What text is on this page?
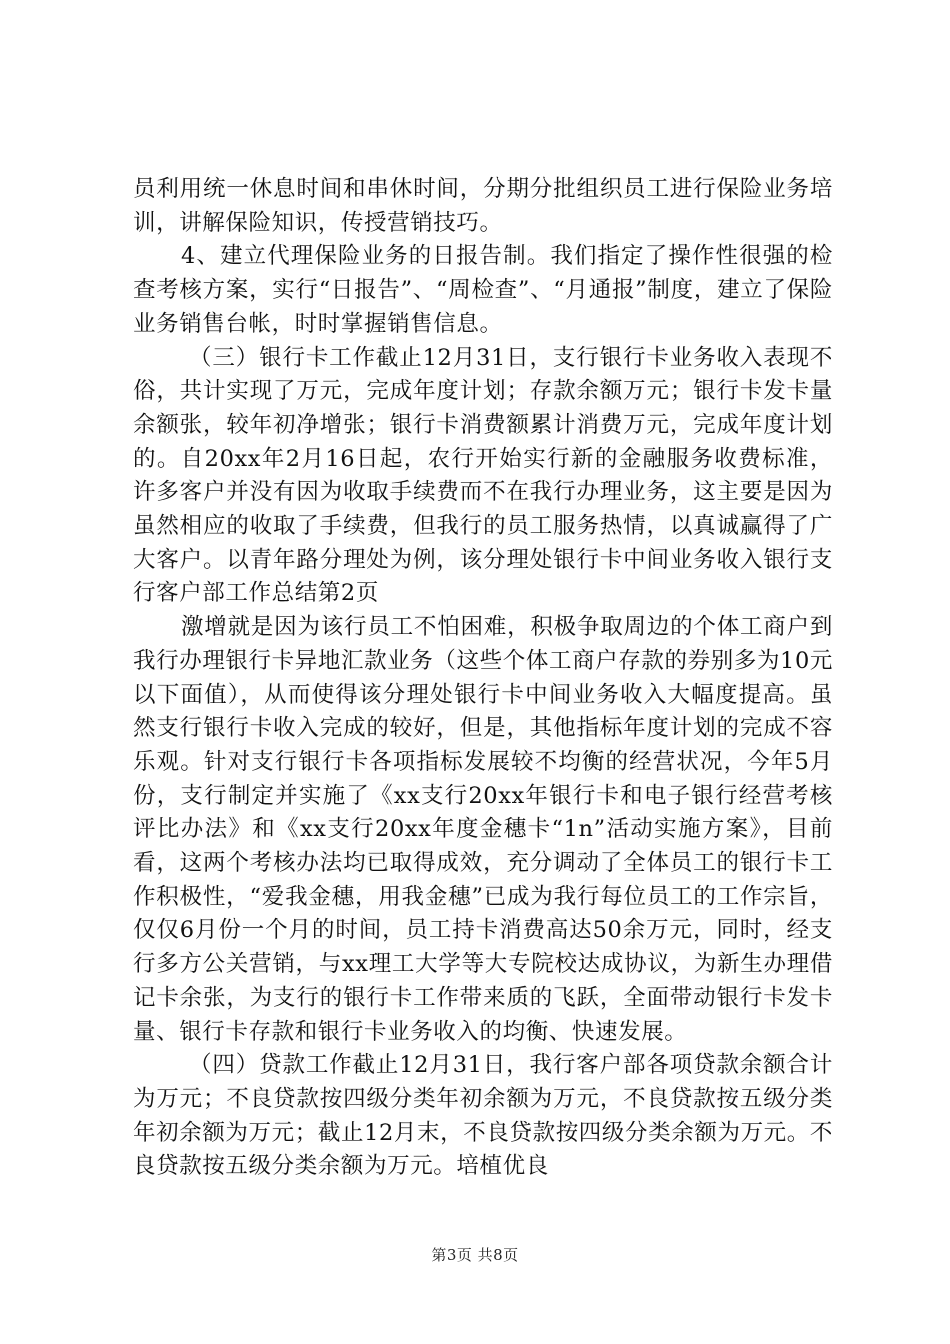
员利用统一休息时间和串休时间，分期分批组织员工进行保险业务培训，讲解保险知识，传授营销技巧。

4、建立代理保险业务的日报告制。我们指定了操作性很强的检查考核方案，实行“日报告”、“周检查”、“月通报”制度，建立了保险业务销售台帐，时时掌握销售信息。

（三）银行卡工作截止12月31日，支行银行卡业务收入表现不俗，共计实现了万元，完成年度计划；存款余额万元；银行卡发卡量余额张，较年初净增张；银行卡消费额累计消费万元，完成年度计划的。自20xx年2月16日起，农行开始实行新的金融服务收费标准，许多客户并没有因为收取手续费而不在我行办理业务，这主要是因为虽然相应的收取了手续费，但我行的员工服务热情，以真诚赢得了广大客户。以青年路分理处为例，该分理处银行卡中间业务收入银行支行客户部工作总结第2页

激增就是因为该行员工不怕困难，积极争取周边的个体工商户到我行办理银行卡异地汇款业务（这些个体工商户存款的券别多为10元以下面值），从而使得该分理处银行卡中间业务收入大幅度提高。虽然支行银行卡收入完成的较好，但是，其他指标年度计划的完成不容乐观。针对支行银行卡各项指标发展较不均衡的经营状况，今年5月份，支行制定并实施了《xx支行20xx年银行卡和电子银行经营考核评比办法》和《xx支行20xx年度金穗卡“1n”活动实施方案》，目前看，这两个考核办法均已取得成效，充分调动了全体员工的银行卡工作积极性，“爱我金穗，用我金穗”已成为我行每位员工的工作宗旨，仅仅6月份一个月的时间，员工持卡消费高达50余万元，同时，经支行多方公关营销，与xx理工大学等大专院校达成协议，为新生办理借记卡余张，为支行的银行卡工作带来质的飞跃，全面带动银行卡发卡量、银行卡存款和银行卡业务收入的均衡、快速发展。

（四）贷款工作截止12月31日，我行客户部各项贷款余额合计为万元；不良贷款按四级分类年初余额为万元，不良贷款按五级分类年初余额为万元；截止12月末，不良贷款按四级分类余额为万元。不良贷款按五级分类余额为万元。培植优良

第3页 共8页
